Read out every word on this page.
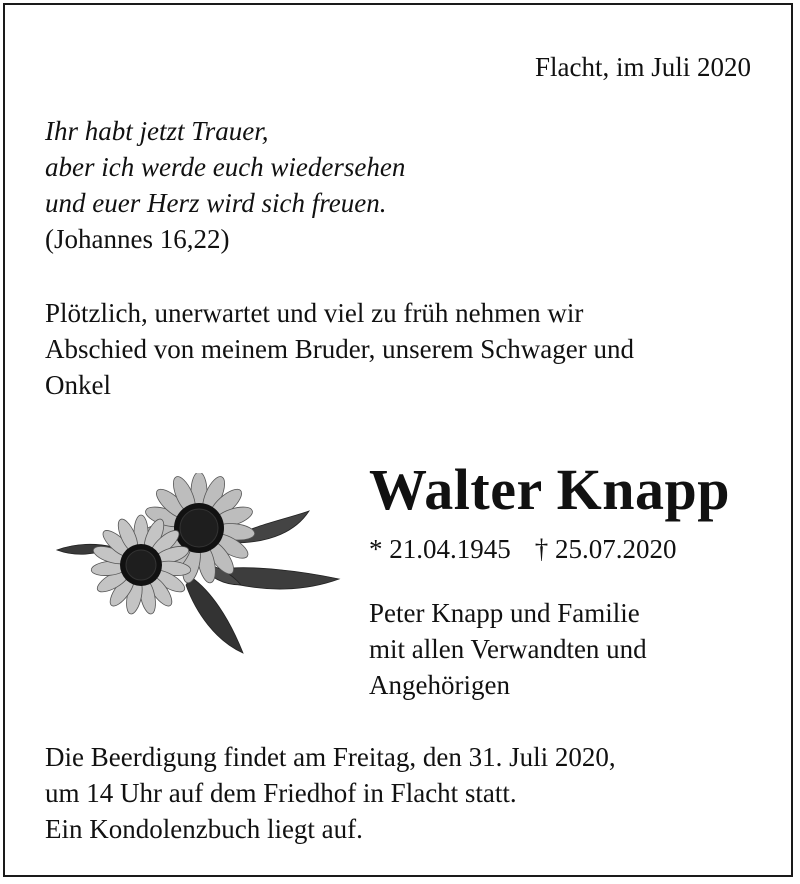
Flacht, im Juli 2020
Ihr habt jetzt Trauer,
aber ich werde euch wiedersehen
und euer Herz wird sich freuen.
(Johannes 16,22)
Plötzlich, unerwartet und viel zu früh nehmen wir
Abschied von meinem Bruder, unserem Schwager und
Onkel
Walter Knapp
* 21.04.1945 † 25.07.2020
Peter Knapp und Familie
mit allen Verwandten und
Angehörigen
Die Beerdigung findet am Freitag, den 31. Juli 2020,
um 14 Uhr auf dem Friedhof in Flacht statt.
Ein Kondolenzbuch liegt auf.
